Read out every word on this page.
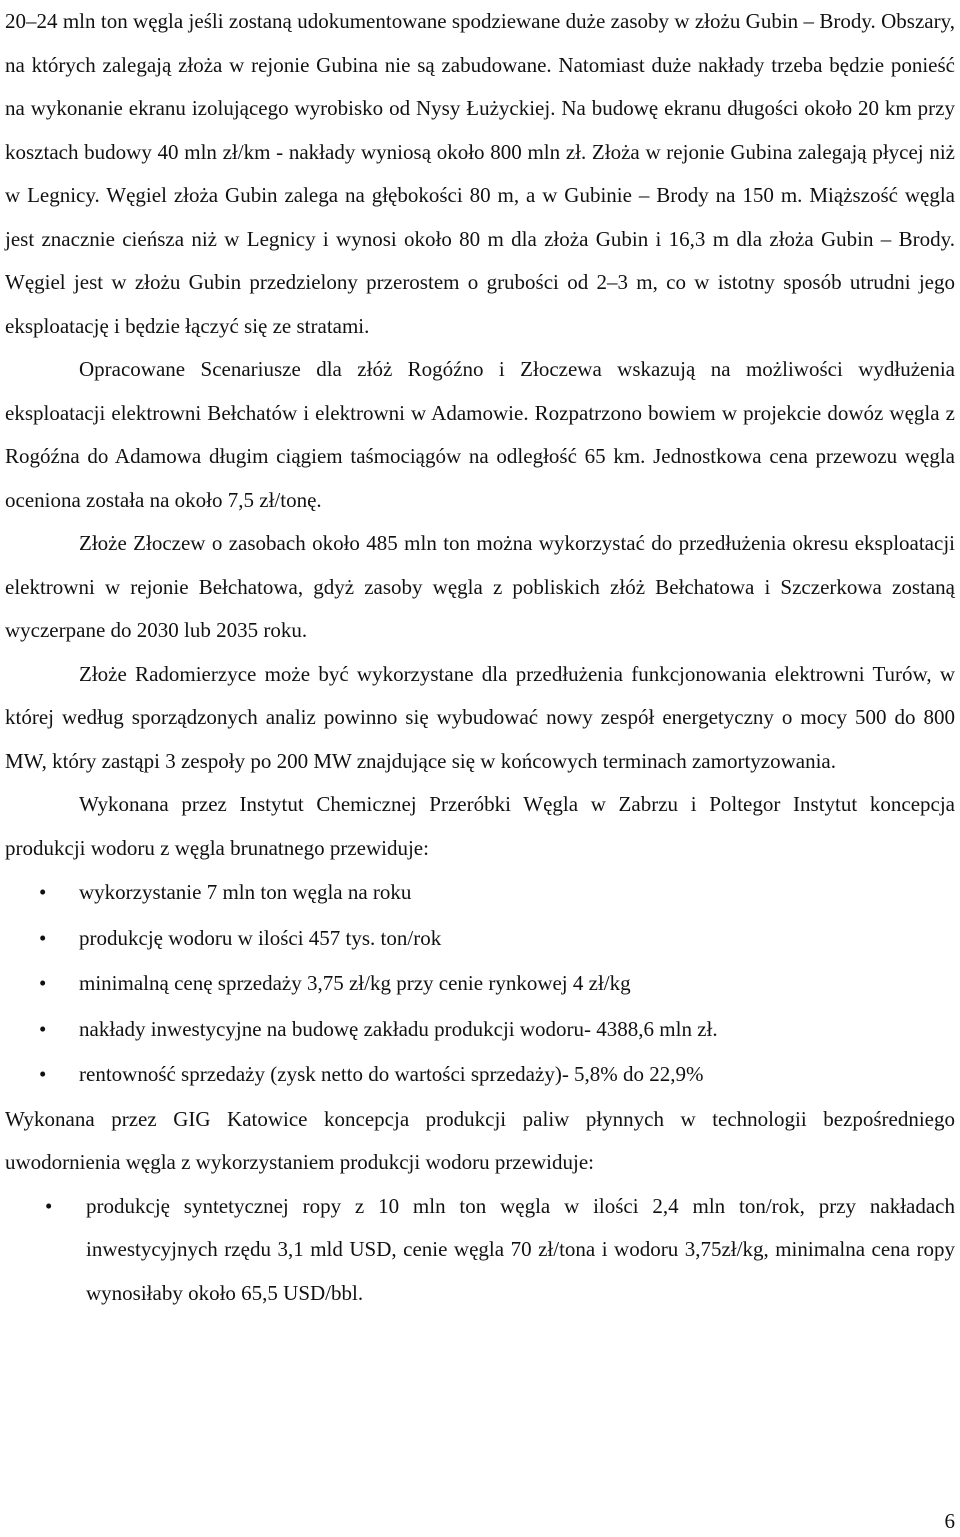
20–24 mln ton węgla jeśli zostaną udokumentowane spodziewane duże zasoby w złożu Gubin – Brody. Obszary, na których zalegają złoża w rejonie Gubina nie są zabudowane. Natomiast duże nakłady trzeba będzie ponieść na wykonanie ekranu izolującego wyrobisko od Nysy Łużyckiej. Na budowę ekranu długości około 20 km przy kosztach budowy 40 mln zł/km - nakłady wyniosą około 800 mln zł. Złoża w rejonie Gubina zalegają płycej niż w Legnicy. Węgiel złoża Gubin zalega na głębokości 80 m, a w Gubinie – Brody na 150 m. Miąższość węgla jest znacznie cieńsza niż w Legnicy i wynosi około 80 m dla złoża Gubin i 16,3 m dla złoża Gubin – Brody. Węgiel jest w złożu Gubin przedzielony przerostem o grubości od 2–3 m, co w istotny sposób utrudni jego eksploatację i będzie łączyć się ze stratami.

Opracowane Scenariusze dla złóż Rogóźno i Złoczewa wskazują na możliwości wydłużenia eksploatacji elektrowni Bełchatów i elektrowni w Adamowie. Rozpatrzono bowiem w projekcie dowóz węgla z Rogóźna do Adamowa długim ciągiem taśmociągów na odległość 65 km. Jednostkowa cena przewozu węgla oceniona została na około 7,5 zł/tonę.

Złoże Złoczew o zasobach około 485 mln ton można wykorzystać do przedłużenia okresu eksploatacji elektrowni w rejonie Bełchatowa, gdyż zasoby węgla z pobliskich złóż Bełchatowa i Szczerkowa zostaną wyczerpane do 2030 lub 2035 roku.

Złoże Radomierzyce może być wykorzystane dla przedłużenia funkcjonowania elektrowni Turów, w której według sporządzonych analiz powinno się wybudować nowy zespół energetyczny o mocy 500 do 800 MW, który zastąpi 3 zespoły po 200 MW znajdujące się w końcowych terminach zamortyzowania.

Wykonana przez Instytut Chemicznej Przeróbki Węgla w Zabrzu i Poltegor Instytut koncepcja produkcji wodoru z węgla brunatnego przewiduje:

• wykorzystanie 7 mln ton węgla na roku
• produkcję wodoru w ilości 457 tys. ton/rok
• minimalną cenę sprzedaży 3,75 zł/kg przy cenie rynkowej 4 zł/kg
• nakłady inwestycyjne na budowę zakładu produkcji wodoru- 4388,6 mln zł.
• rentowność sprzedaży (zysk netto do wartości sprzedaży)- 5,8% do 22,9%

Wykonana przez GIG Katowice koncepcja produkcji paliw płynnych w technologii bezpośredniego uwodornienia węgla z wykorzystaniem produkcji wodoru przewiduje:

• produkcję syntetycznej ropy z 10 mln ton węgla w ilości 2,4 mln ton/rok, przy nakładach inwestycyjnych rzędu 3,1 mld USD, cenie węgla 70 zł/tona i wodoru 3,75zł/kg, minimalna cena ropy wynosiłaby około 65,5 USD/bbl.
6
